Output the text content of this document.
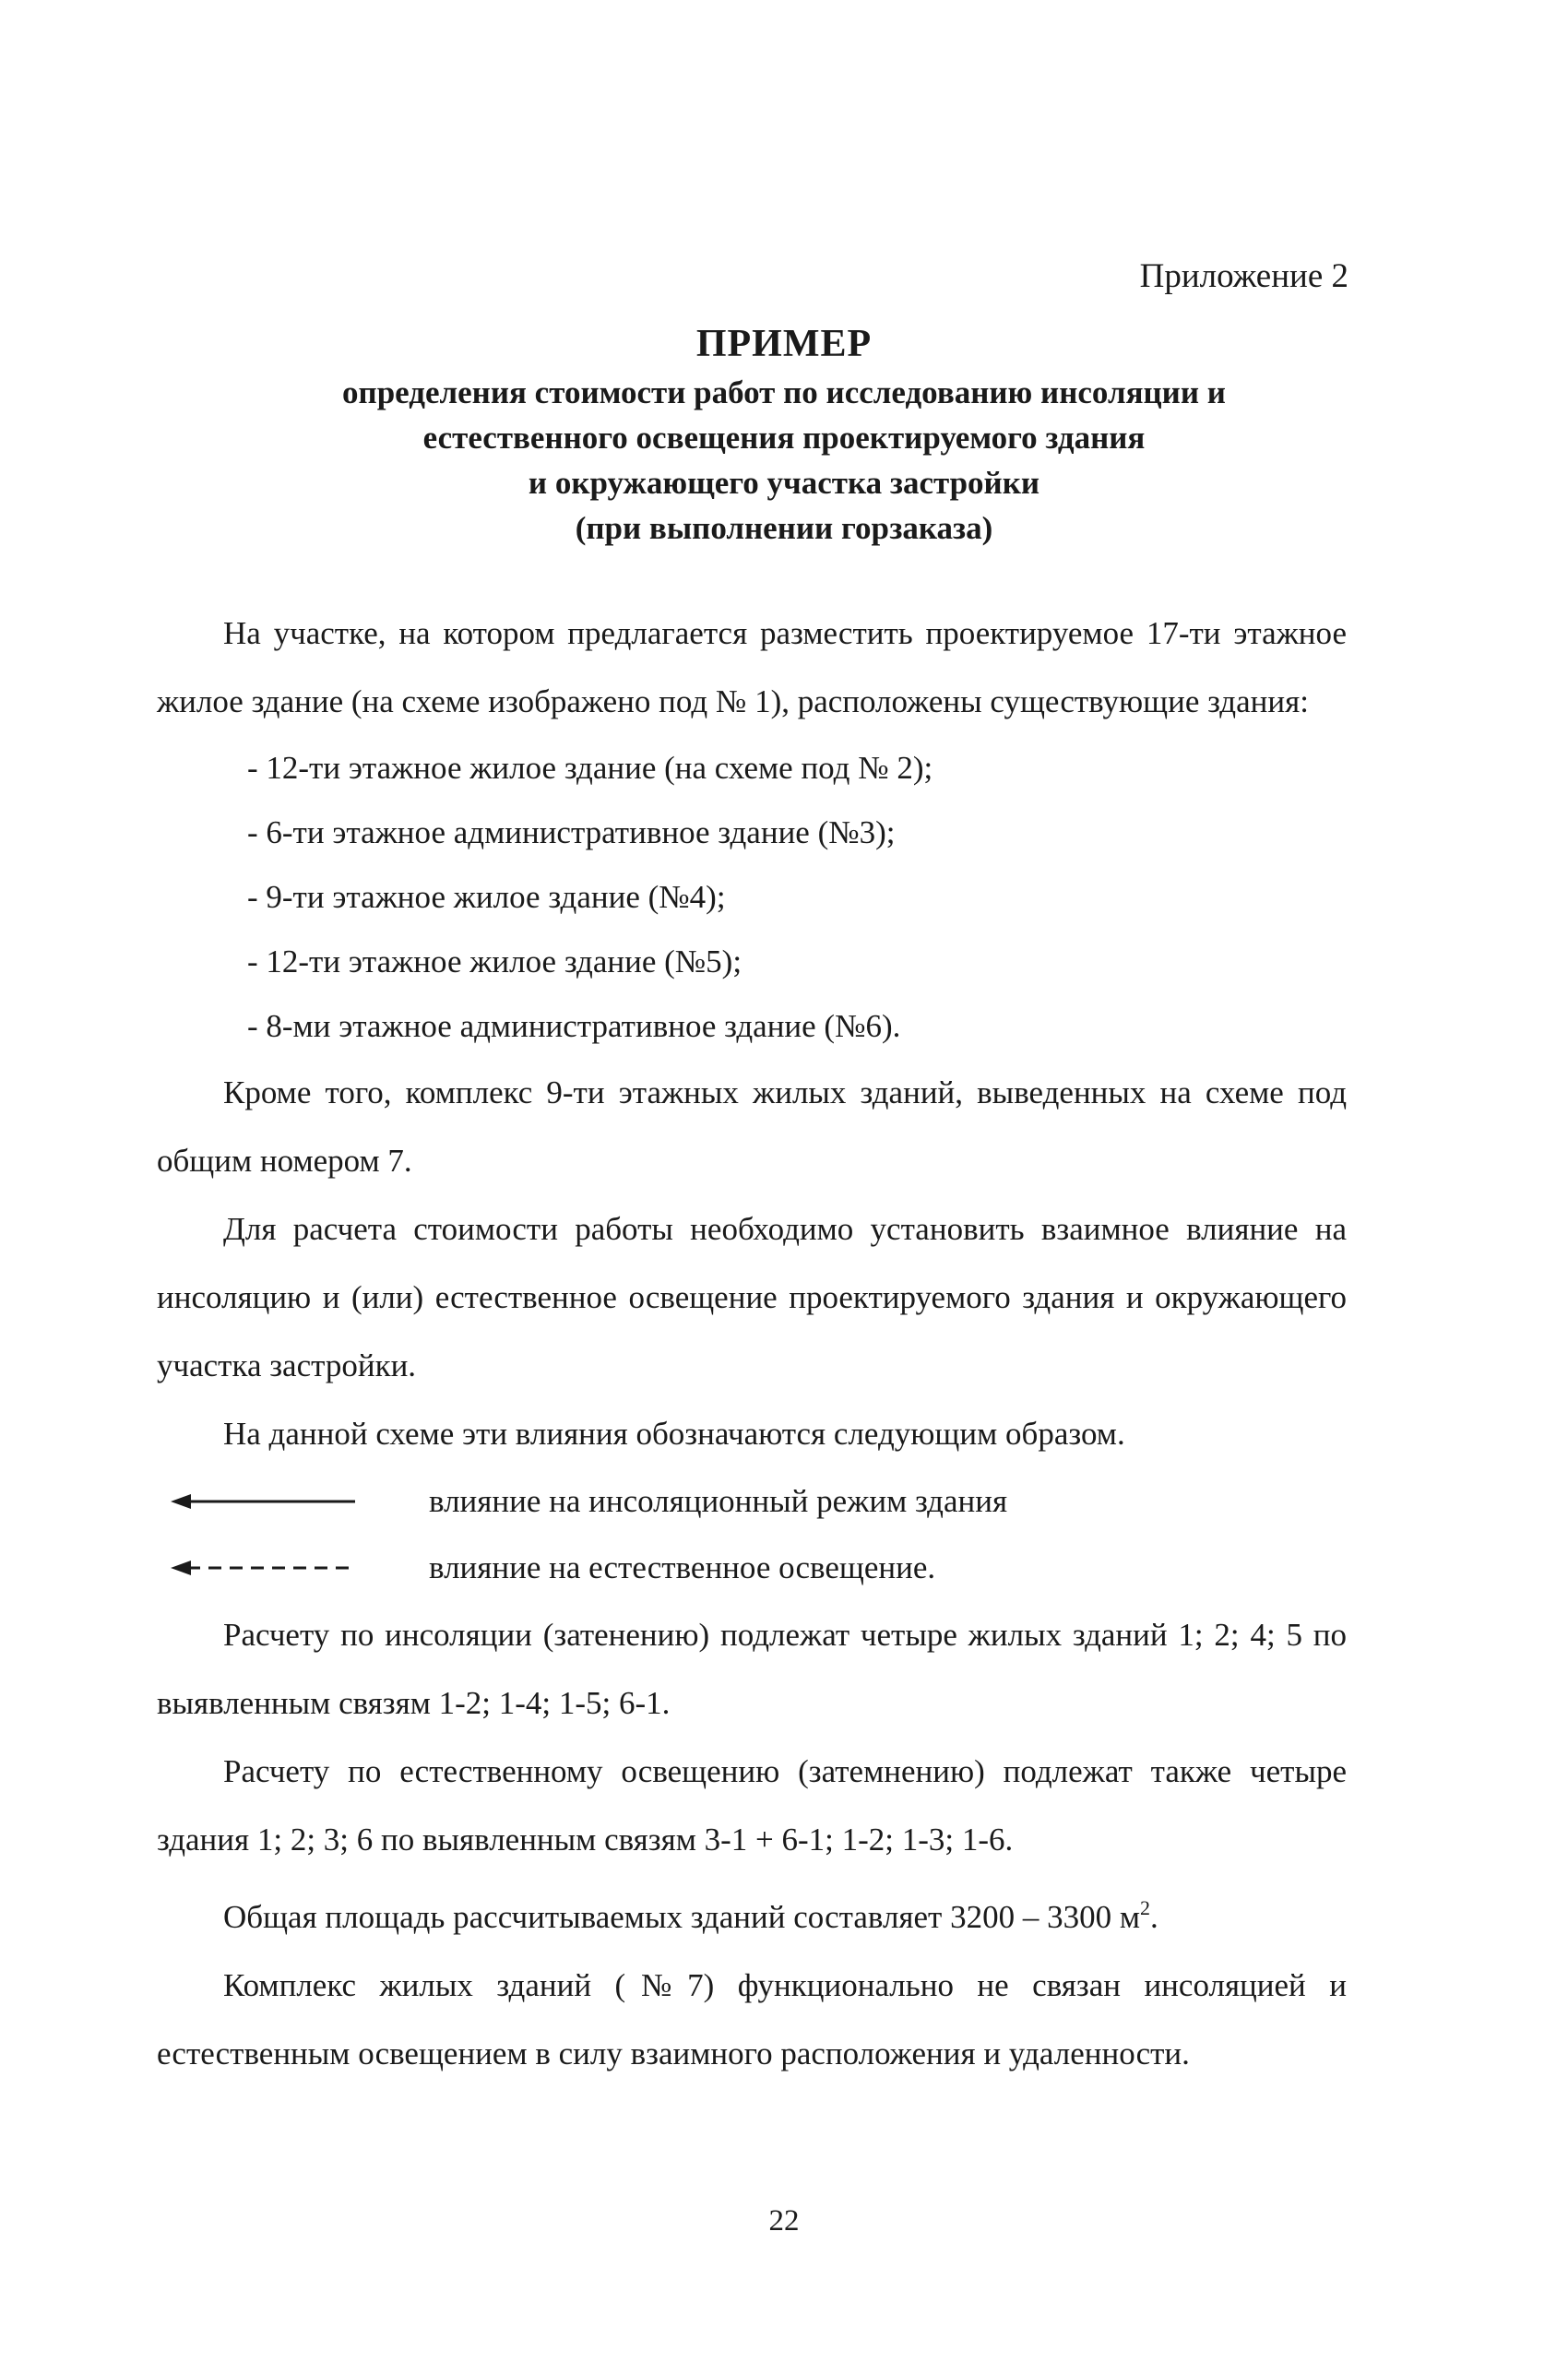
Приложение 2
ПРИМЕР
определения стоимости работ по исследованию инсоляции и
естественного освещения проектируемого здания
и окружающего участка застройки
(при выполнении горзаказа)

На участке, на котором предлагается разместить проектируемое 17-ти этажное жилое здание (на схеме изображено под № 1), расположены существующие здания:

- 12-ти этажное жилое здание (на схеме под № 2);
- 6-ти этажное административное здание (№3);
- 9-ти этажное жилое здание (№4);
- 12-ти этажное жилое здание (№5);
- 8-ми этажное административное здание (№6).

Кроме того, комплекс 9-ти этажных жилых зданий, выведенных на схеме под общим номером 7.

Для расчета стоимости работы необходимо установить взаимное влияние на инсоляцию и (или) естественное освещение проектируемого здания и окружающего участка застройки.

На данной схеме эти влияния обозначаются следующим образом.

влияние на инсоляционный режим здания
влияние на естественное освещение.

Расчету по инсоляции (затенению) подлежат четыре жилых зданий 1; 2; 4; 5 по выявленным связям 1-2; 1-4; 1-5; 6-1.

Расчету по естественному освещению (затемнению) подлежат также четыре здания 1; 2; 3; 6 по выявленным связям 3-1 + 6-1; 1-2; 1-3; 1-6.

Общая площадь рассчитываемых зданий составляет 3200 – 3300 $м^2$.

Комплекс жилых зданий (№7) функционально не связан инсоляцией и естественным освещением в силу взаимного расположения и удаленности.

22
